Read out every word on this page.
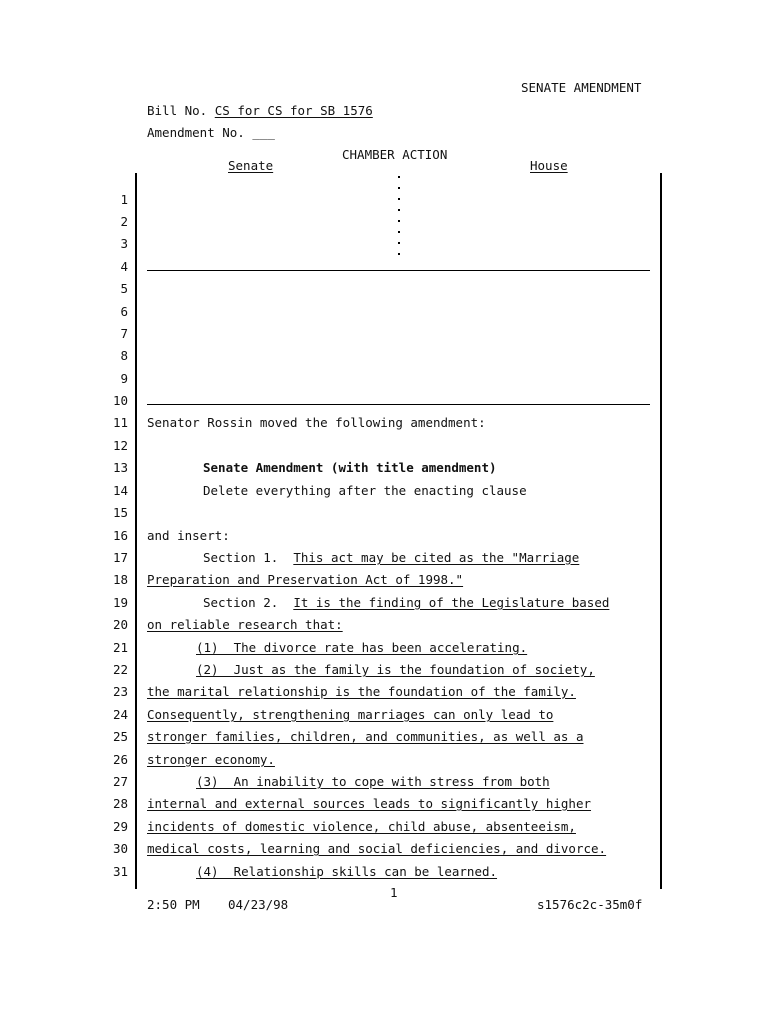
SENATE AMENDMENT
Bill No. CS for CS for SB 1576
Amendment No. ___
CHAMBER ACTION
Senate	House
1
2
3
4
5
6
7
8
9
10
11
12
13
14
15
16
17
18
19
20
21
22
23
24
25
26
27
28
29
30
31
Senator Rossin moved the following amendment:
Senate Amendment (with title amendment)
Delete everything after the enacting clause
and insert:
Section 1.  This act may be cited as the "Marriage
Preparation and Preservation Act of 1998."
Section 2.  It is the finding of the Legislature based
on reliable research that:
(1)  The divorce rate has been accelerating.
(2)  Just as the family is the foundation of society,
the marital relationship is the foundation of the family.
Consequently, strengthening marriages can only lead to
stronger families, children, and communities, as well as a
stronger economy.
(3)  An inability to cope with stress from both
internal and external sources leads to significantly higher
incidents of domestic violence, child abuse, absenteeism,
medical costs, learning and social deficiencies, and divorce.
(4)  Relationship skills can be learned.
1
2:50 PM 04/23/98	s1576c2c-35m0f
